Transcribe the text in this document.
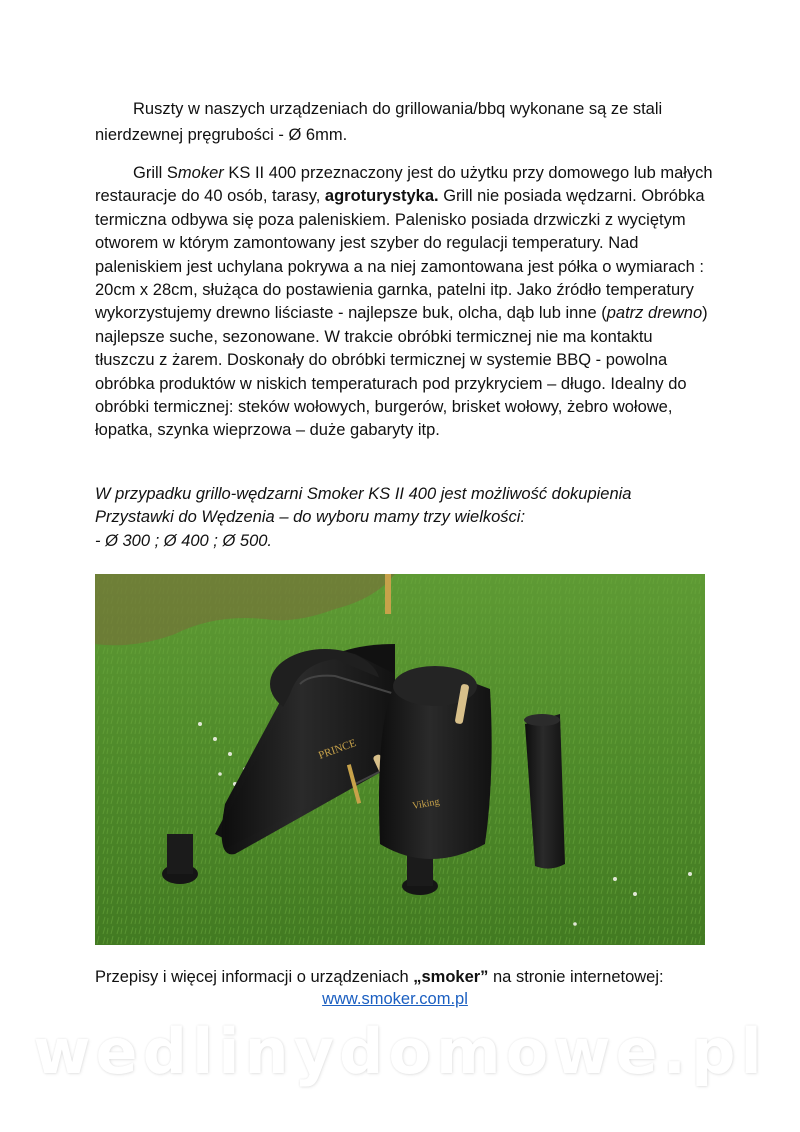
Ruszty w naszych urządzeniach do grillowania/bbq wykonane są ze stali
nierdzewnej pręgrubości - Ø 6mm.

Grill Smoker KS II 400 przeznaczony jest do użytku przy domowego lub małych restauracje do 40 osób, tarasy, agroturystyka. Grill nie posiada wędzarni. Obróbka termiczna odbywa się poza paleniskiem. Palenisko posiada drzwiczki z wyciętym otworem w którym zamontowany jest szyber do regulacji temperatury. Nad paleniskiem jest uchylana pokrywa a na niej zamontowana jest półka o wymiarach : 20cm x 28cm, służąca do postawienia garnka, patelni itp. Jako źródło temperatury wykorzystujemy drewno liściaste - najlepsze buk, olcha, dąb lub inne (patrz drewno) najlepsze suche, sezonowane. W trakcie obróbki termicznej nie ma kontaktu tłuszczu z żarem. Doskonały do obróbki termicznej w systemie BBQ - powolna obróbka produktów w niskich temperaturach pod przykryciem – długo. Idealny do obróbki termicznej: steków wołowych, burgerów, brisket wołowy, żebro wołowe, łopatka, szynka wieprzowa – duże gabaryty itp.

W przypadku grillo-wędzarni Smoker KS II 400 jest możliwość dokupienia
Przystawki do Wędzenia – do wyboru mamy trzy wielkości:
- Ø 300 ; Ø 400 ; Ø 500.

PRINCE
Viking
Przepisy i więcej informacji o urządzeniach „smoker” na stronie internetowej:
www.smoker.com.pl
wedlinydomowe.pl
